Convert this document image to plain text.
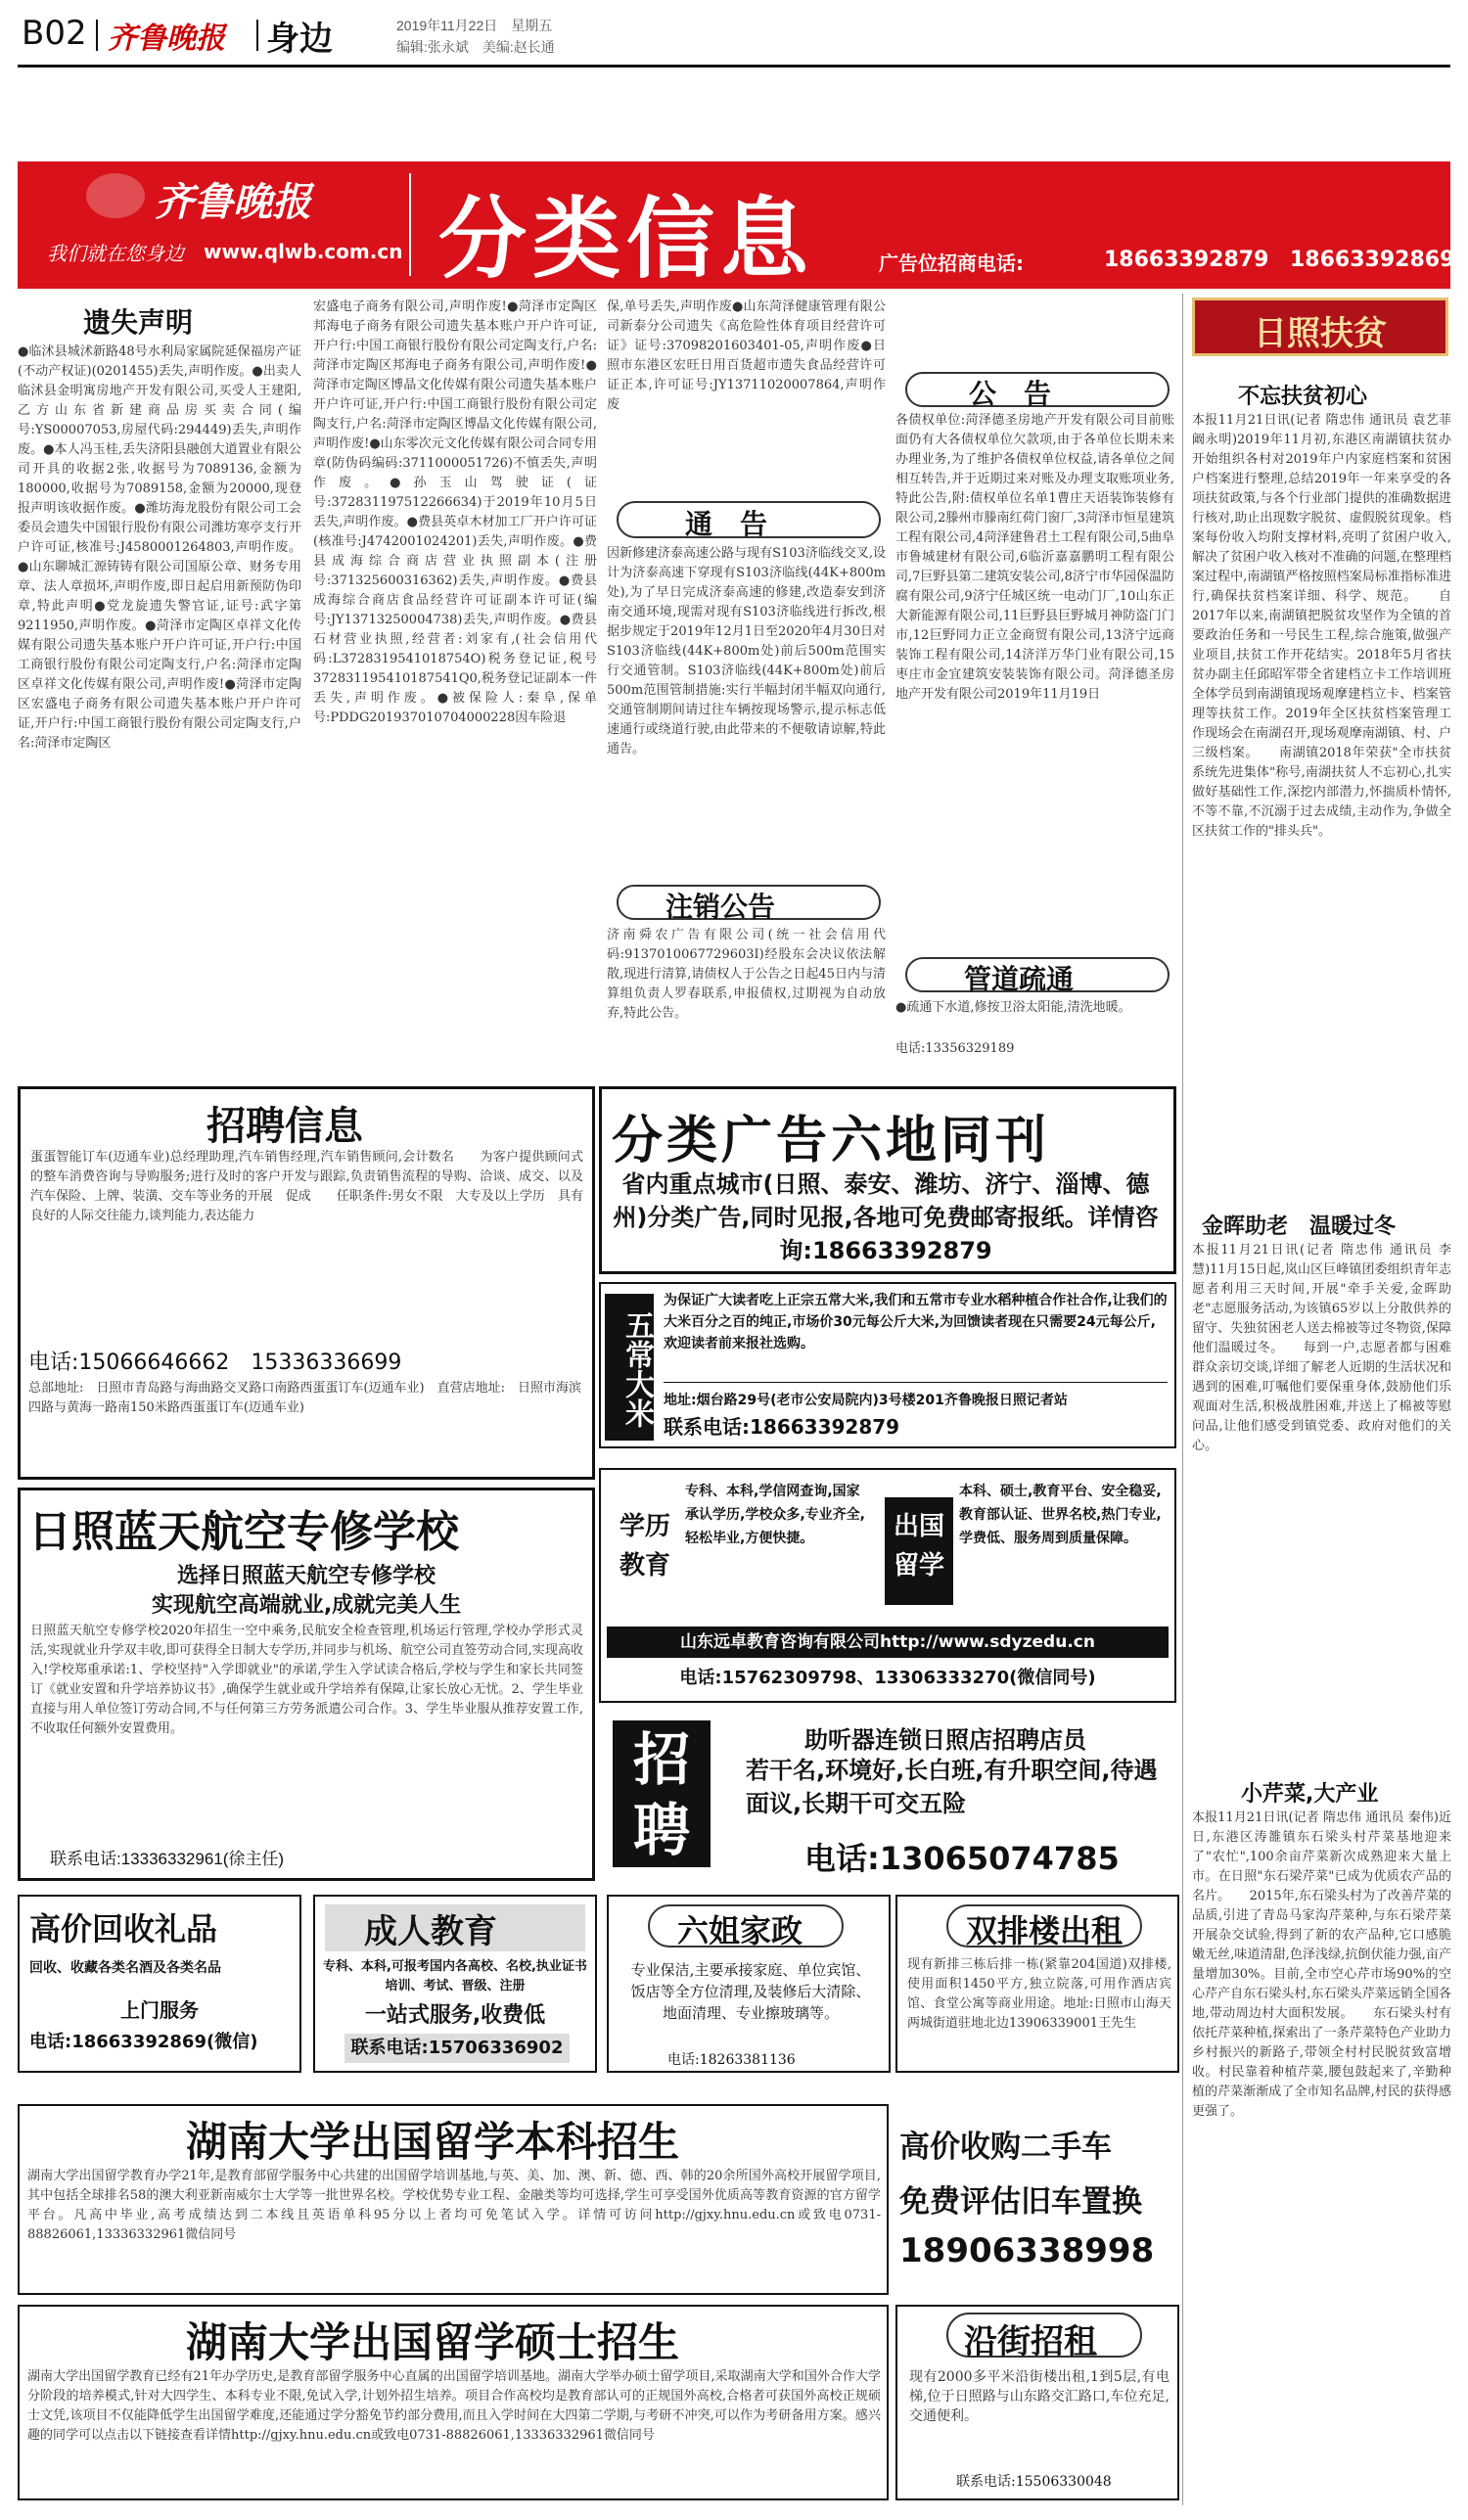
B02 齐鲁晚报 身边	2019年11月22日　星期五
编辑:张永斌　美编:赵长通
齐鲁晚报
我们就在您身边 www.qlwb.com.cn 分类信息	广告位招商电话:	18663392879 18663392869
遗失声明
●临沭县城沭新路48号水利局家属院延保福房产证(不动产权证)(0201455)丢失,声明作废。●出卖人临沭县金明寓房地产开发有限公司,买受人王建阳,乙方山东省新建商品房买卖合同(编号:YS00007053,房屋代码:294449)丢失,声明作废。●本人冯玉桂,丢失济阳县融创大道置业有限公司开具的收据2张,收据号为7089136,金额为180000,收据号为7089158,金额为20000,现登报声明该收据作废。●潍坊海龙股份有限公司工会委员会遗失中国银行股份有限公司潍坊寒亭支行开户许可证,核准号:J4580001264803,声明作废。●山东聊城汇源铸铸有限公司国原公章、财务专用章、法人章损坏,声明作废,即日起启用新预防伪印章,特此声明●党龙旋遗失警官证,证号:武字第9211950,声明作废。●菏泽市定陶区卓祥文化传媒有限公司遗失基本账户开户许可证,开户行:中国工商银行股份有限公司定陶支行,户名:菏泽市定陶区卓祥文化传媒有限公司,声明作废!●菏泽市定陶区宏盛电子商务有限公司遗失基本账户开户许可证,开户行:中国工商银行股份有限公司定陶支行,户名:菏泽市定陶区
宏盛电子商务有限公司,声明作废!●菏泽市定陶区邦海电子商务有限公司遗失基本账户开户许可证,开户行:中国工商银行股份有限公司定陶支行,户名:菏泽市定陶区邦海电子商务有限公司,声明作废!●菏泽市定陶区博晶文化传媒有限公司遗失基本账户开户许可证,开户行:中国工商银行股份有限公司定陶支行,户名:菏泽市定陶区博晶文化传媒有限公司,声明作废!●山东零次元文化传媒有限公司合同专用章(防伪码编码:3711000051726)不慎丢失,声明作废。●孙玉山驾驶证(证号:372831197512266634)于2019年10月5日丢失,声明作废。●费县英卓木材加工厂开户许可证(核准号:J4742001024201)丢失,声明作废。●费县成海综合商店营业执照副本(注册号:371325600316362)丢失,声明作废。●费县成海综合商店食品经营许可证副本许可证(编号:JY13713250004738)丢失,声明作废。●费县石材营业执照,经营者:刘家有,(社会信用代码:L3728319541018754O)税务登记证,税号372831195410187541Q0,税务登记证副本一件丢失,声明作废。●被保险人:秦阜,保单号:PDDG201937010704000228因车险退
保,单号丢失,声明作废●山东菏泽健康管理有限公司新泰分公司遗失《高危险性体育项目经营许可证》证号:37098201603401-05,声明作废●日照市东港区宏旺日用百货超市遗失食品经营许可证正本,许可证号:JY13711020007864,声明作废
通　告
因新修建济泰高速公路与现有S103济临线交叉,设计为济泰高速下穿现有S103济临线(44K+800m处),为了早日完成济泰高速的修建,改造泰安到济南交通环境,现需对现有S103济临线进行拆改,根据步规定于2019年12月1日至2020年4月30日对S103济临线(44K+800m处)前后500m范围实行交通管制。S103济临线(44K+800m处)前后500m范围管制措施:实行半幅封闭半幅双向通行,交通管制期间请过往车辆按现场警示,提示标志低速通行或绕道行驶,由此带来的不便敬请谅解,特此通告。
注销公告
济南舜农广告有限公司(统一社会信用代码:9137010067729603I)经股东会决议依法解散,现进行清算,请债权人于公告之日起45日内与清算组负责人罗春联系,申报债权,过期视为自动放弃,特此公告。
公　告
各债权单位:菏泽德圣房地产开发有限公司目前账面仍有大各债权单位欠款项,由于各单位长期未来办理业务,为了维护各债权单位权益,请各单位之间相互转告,并于近期过来对账及办理支取账项业务,特此公告,附:债权单位名单1曹庄天语装饰装修有限公司,2滕州市滕南红荷门窗厂,3菏泽市恒星建筑工程有限公司,4菏泽建鲁君土工程有限公司,5曲阜市鲁城建材有限公司,6临沂嘉嘉鹏明工程有限公司,7巨野县第二建筑安装公司,8济宁市华园保温防腐有限公司,9济宁任城区统一电动门厂,10山东正大新能源有限公司,11巨野县巨野城月神防盗门门市,12巨野同力正立金商贸有限公司,13济宁远商装饰工程有限公司,14济洋万华门业有限公司,15枣庄市金宜建筑安装装饰有限公司。菏泽德圣房地产开发有限公司2019年11月19日
管道疏通
●疏通下水道,修按卫浴太阳能,清洗地暖。
电话:13356329189
日照扶贫
不忘扶贫初心
本报11月21日讯(记者 隋忠伟 通讯员 袁艺菲 阚永明)2019年11月初,东港区南湖镇扶贫办开始组织各村对2019年户内家庭档案和贫困户档案进行整理,总结2019年一年来享受的各项扶贫政策,与各个行业部门提供的准确数据进行核对,助止出现数字脱贫、虚假脱贫现象。档案每份收入均附支撑材料,亮明了贫困户收入,解决了贫困户收入核对不准确的问题,在整理档案过程中,南湖镇严格按照档案局标准指标准进行,确保扶贫档案详细、科学、规范。　　自2017年以来,南湖镇把脱贫攻坚作为全镇的首要政治任务和一号民生工程,综合施策,做强产业项目,扶贫工作开花结实。2018年5月省扶贫办副主任邱昭军带全省建档立卡工作培训班全体学员到南湖镇现场观摩建档立卡、档案管理等扶贫工作。2019年全区扶贫档案管理工作现场会在南湖召开,现场观摩南湖镇、村、户三级档案。　　南湖镇2018年荣获"全市扶贫系统先进集体"称号,南湖扶贫人不忘初心,扎实做好基础性工作,深挖内部潜力,怀揣质朴情怀,不等不靠,不沉溺于过去成绩,主动作为,争做全区扶贫工作的"排头兵"。
金晖助老　温暖过冬
本报11月21日讯(记者 隋忠伟 通讯员 李慧)11月15日起,岚山区巨峰镇团委组织青年志愿者利用三天时间,开展"牵手关爱,金晖助老"志愿服务活动,为该镇65岁以上分散供养的留守、失独贫困老人送去棉被等过冬物资,保障他们温暖过冬。　　每到一户,志愿者都与困难群众亲切交谈,详细了解老人近期的生活状况和遇到的困难,叮嘱他们要保重身体,鼓励他们乐观面对生活,积极战胜困难,并送上了棉被等慰问品,让他们感受到镇党委、政府对他们的关心。
小芹菜,大产业
本报11月21日讯(记者 隋忠伟 通讯员 秦伟)近日,东港区涛雒镇东石梁头村芹菜基地迎来了"农忙",100余亩芹菜新次成熟迎来大量上市。在日照"东石梁芹菜"已成为优质农产品的名片。　　2015年,东石梁头村为了改善芹菜的品质,引进了青岛马家沟芹菜种,与东石梁芹菜开展杂交试验,得到了新的农产品种,它口感脆嫩无丝,味道清甜,色泽浅绿,抗倒伏能力强,亩产量增加30%。目前,全市空心芹市场90%的空心芹产自东石梁头村,东石梁头芹菜远销全国各地,带动周边村大面积发展。　　东石梁头村有依托芹菜种植,探索出了一条芹菜特色产业助力乡村振兴的新路子,带领全村村民脱贫致富增收。村民靠着种植芹菜,腰包鼓起来了,辛勤种植的芹菜渐渐成了全市知名品牌,村民的获得感更强了。
招聘信息
蛋蛋智能订车(迈通车业)总经理助理,汽车销售经理,汽车销售顾问,会计数名　　为客户提供顾问式的整车消费咨询与导购服务;进行及时的客户开发与跟踪,负责销售流程的导购、洽谈、成交、以及汽车保险、上牌、装潢、交车等业务的开展　促成　　任职条件:男女不限　大专及以上学历　具有良好的人际交往能力,谈判能力,表达能力
电话:15066646662　15336336699
总部地址:　日照市青岛路与海曲路交叉路口南路西蛋蛋订车(迈通车业)　直营店地址:　日照市海滨四路与黄海一路南150米路西蛋蛋订车(迈通车业)
分类广告六地同刊
省内重点城市(日照、泰安、潍坊、济宁、淄博、德州)分类广告,同时见报,各地可免费邮寄报纸。详情咨询:18663392879
五常大米
为保证广大读者吃上正宗五常大米,我们和五常市专业水稻种植合作社合作,让我们的大米百分之百的纯正,市场价30元每公斤大米,为回馈读者现在只需要24元每公斤,欢迎读者前来报社选购。
地址:烟台路29号(老市公安局院内)3号楼201齐鲁晚报日照记者站
联系电话:18663392879
日照蓝天航空专修学校
选择日照蓝天航空专修学校
实现航空高端就业,成就完美人生
日照蓝天航空专修学校2020年招生一空中乘务,民航安全检查管理,机场运行管理,学校办学形式灵活,实现就业升学双丰收,即可获得全日制大专学历,并同步与机场、航空公司直签劳动合同,实现高收入!学校郑重承诺:1、学校坚持"入学即就业"的承诺,学生入学试读合格后,学校与学生和家长共同签订《就业安置和升学培养协议书》,确保学生就业或升学培养有保障,让家长放心无忧。2、学生毕业直接与用人单位签订劳动合同,不与任何第三方劳务派遣公司合作。3、学生毕业服从推荐安置工作,不收取任何额外安置费用。
联系电话:13336332961(徐主任)
学历教育
专科、本科,学信网查询,国家承认学历,学校众多,专业齐全,轻松毕业,方便快捷。	出国留学
本科、硕士,教育平台、安全稳妥,教育部认证、世界名校,热门专业,学费低、服务周到质量保障。
山东远卓教育咨询有限公司http://www.sdyzedu.cn
电话:15762309798、13306333270(微信同号)
招聘
助听器连锁日照店招聘店员
若干名,环境好,长白班,有升职空间,待遇面议,长期干可交五险
电话:13065074785
高价回收礼品
回收、收藏各类名酒及各类名品
上门服务
电话:18663392869(微信)
成人教育
专科、本科,可报考国内各高校、名校,执业证书培训、考试、晋级、注册
一站式服务,收费低
联系电话:15706336902
六姐家政
专业保洁,主要承接家庭、单位宾馆、饭店等全方位清理,及装修后大清除、地面清理、专业擦玻璃等。
电话:18263381136
双排楼出租
现有新排三栋后排一栋(紧靠204国道)双排楼,使用面积1450平方,独立院落,可用作酒店宾馆、食堂公寓等商业用途。地址:日照市山海天两城街道驻地北边13906339001王先生
湖南大学出国留学本科招生
湖南大学出国留学教育办学21年,是教育部留学服务中心共建的出国留学培训基地,与英、美、加、澳、新、德、西、韩的20余所国外高校开展留学项目,其中包括全球排名58的澳大利亚新南威尔士大学等一批世界名校。学校优势专业工程、金融类等均可选择,学生可享受国外优质高等教育资源的官方留学平台。凡高中毕业,高考成绩达到二本线且英语单科95分以上者均可免笔试入学。详情可访问http://gjxy.hnu.edu.cn或致电0731-88826061,13336332961微信同号
高价收购二手车
免费评估旧车置换
18906338998
湖南大学出国留学硕士招生
湖南大学出国留学教育已经有21年办学历史,是教育部留学服务中心直属的出国留学培训基地。湖南大学举办硕士留学项目,采取湖南大学和国外合作大学分阶段的培养模式,针对大四学生、本科专业不限,免试入学,计划外招生培养。项目合作高校均是教育部认可的正规国外高校,合格者可获国外高校正规硕士文凭,该项目不仅能降低学生出国留学难度,还能通过学分豁免节约部分费用,而且入学时间在大四第二学期,与考研不冲突,可以作为考研备用方案。感兴趣的同学可以点击以下链接查看详情http://gjxy.hnu.edu.cn或致电0731-88826061,13336332961微信同号
沿街招租
现有2000多平米沿街楼出租,1到5层,有电梯,位于日照路与山东路交汇路口,车位充足,交通便利。
联系电话:15506330048
